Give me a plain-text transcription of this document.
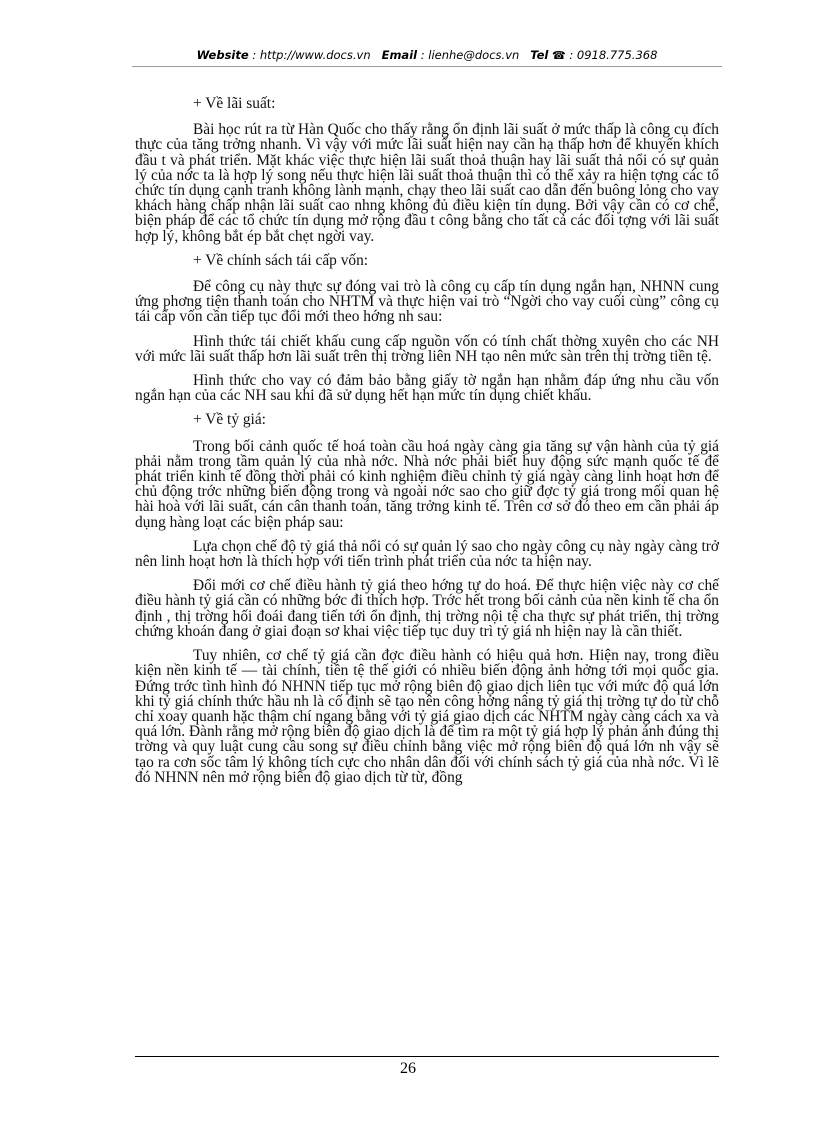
Website : http://www.docs.vn Email : lienhe@docs.vn Tel ☎ : 0918.775.368

+ Về lãi suất:

Bài học rút ra từ Hàn Quốc cho thấy rằng ổn định lãi suất ở mức thấp là công cụ đích thực của tăng trởng nhanh. Vì vậy với mức lãi suất hiện nay cần hạ thấp hơn để khuyến khích đầu t và phát triển. Mặt khác việc thực hiện lãi suất thoả thuận hay lãi suất thả nổi có sự quản lý của nớc ta là hợp lý song nếu thực hiện lãi suất thoả thuận thì có thể xảy ra hiện tợng các tổ chức tín dụng cạnh tranh không lành mạnh, chạy theo lãi suất cao dẫn đến buông lỏng cho vay khách hàng chấp nhận lãi suất cao nhng không đủ điều kiện tín dụng. Bởi vậy cần có cơ chế, biện pháp để các tổ chức tín dụng mở rộng đầu t công bằng cho tất cả các đối tợng với lãi suất hợp lý, không bắt ép bắt chẹt ngời vay.

+ Về chính sách tái cấp vốn:

Để công cụ này thực sự đóng vai trò là công cụ cấp tín dụng ngắn hạn, NHNN cung ứng phơng tiện thanh toán cho NHTM và thực hiện vai trò “Ngời cho vay cuối cùng” công cụ tái cấp vốn cần tiếp tục đổi mới theo hớng nh sau:

Hình thức tái chiết khấu cung cấp nguồn vốn có tính chất thờng xuyên cho các NH với mức lãi suất thấp hơn lãi suất trên thị trờng liên NH tạo nên mức sàn trên thị trờng tiền tệ.

Hình thức cho vay có đảm bảo bằng giấy tờ ngắn hạn nhằm đáp ứng nhu cầu vốn ngắn hạn của các NH sau khi đã sử dụng hết hạn mức tín dụng chiết khấu.

+ Về tỷ giá:

Trong bối cảnh quốc tế hoá toàn cầu hoá ngày càng gia tăng sự vận hành của tỷ giá phải nằm trong tầm quản lý của nhà nớc. Nhà nớc phải biết huy động sức mạnh quốc tế để phát triển kinh tế đồng thời phải có kinh nghiệm điều chỉnh tỷ giá ngày càng linh hoạt hơn để chủ động trớc những biến động trong và ngoài nớc sao cho giữ đợc tỷ giá trong mối quan hệ hài hoà với lãi suất, cán cân thanh toán, tăng trởng kinh tế. Trên cơ sở đó theo em cần phải áp dụng hàng loạt các biện pháp sau:

Lựa chọn chế độ tỷ giá thả nổi có sự quản lý sao cho ngày công cụ này ngày càng trở nên linh hoạt hơn là thích hợp với tiến trình phát triển của nớc ta hiện nay.

Đổi mới cơ chế điều hành tỷ giá theo hớng tự do hoá. Để thực hiện việc này cơ chế điều hành tỷ giá cần có những bớc đi thích hợp. Trớc hết trong bối cảnh của nền kinh tế cha ổn định , thị trờng hối đoái đang tiến tới ổn định, thị trờng nội tệ cha thực sự phát triển, thị trờng chứng khoán đang ở giai đoạn sơ khai việc tiếp tục duy trì tỷ giá nh hiện nay là cần thiết.

Tuy nhiên, cơ chế tỷ giá cần đợc điều hành có hiệu quả hơn. Hiện nay, trong điều kiện nền kinh tế — tài chính, tiền tệ thế giới có nhiều biến động ảnh hởng tới mọi quốc gia. Đứng trớc tình hình đó NHNN tiếp tục mở rộng biên độ giao dịch liên tục với mức độ quá lớn khi tỷ giá chính thức hầu nh là cố định sẽ tạo nên công hởng nâng tỷ giá thị trờng tự do từ chỗ chỉ xoay quanh hặc thậm chí ngang bằng với tỷ giá giao dịch các NHTM ngày càng cách xa và quá lớn. Đành rằng mở rộng biên độ giao dịch là để tìm ra một tỷ giá hợp lý phản ánh đúng thị trờng và quy luật cung cầu song sự điều chỉnh bằng việc mở rộng biên độ quá lớn nh vậy sẽ tạo ra cơn sốc tâm lý không tích cực cho nhân dân đối với chính sách tỷ giá của nhà nớc. Vì lẽ đó NHNN nên mở rộng biên độ giao dịch từ từ, đồng

26
